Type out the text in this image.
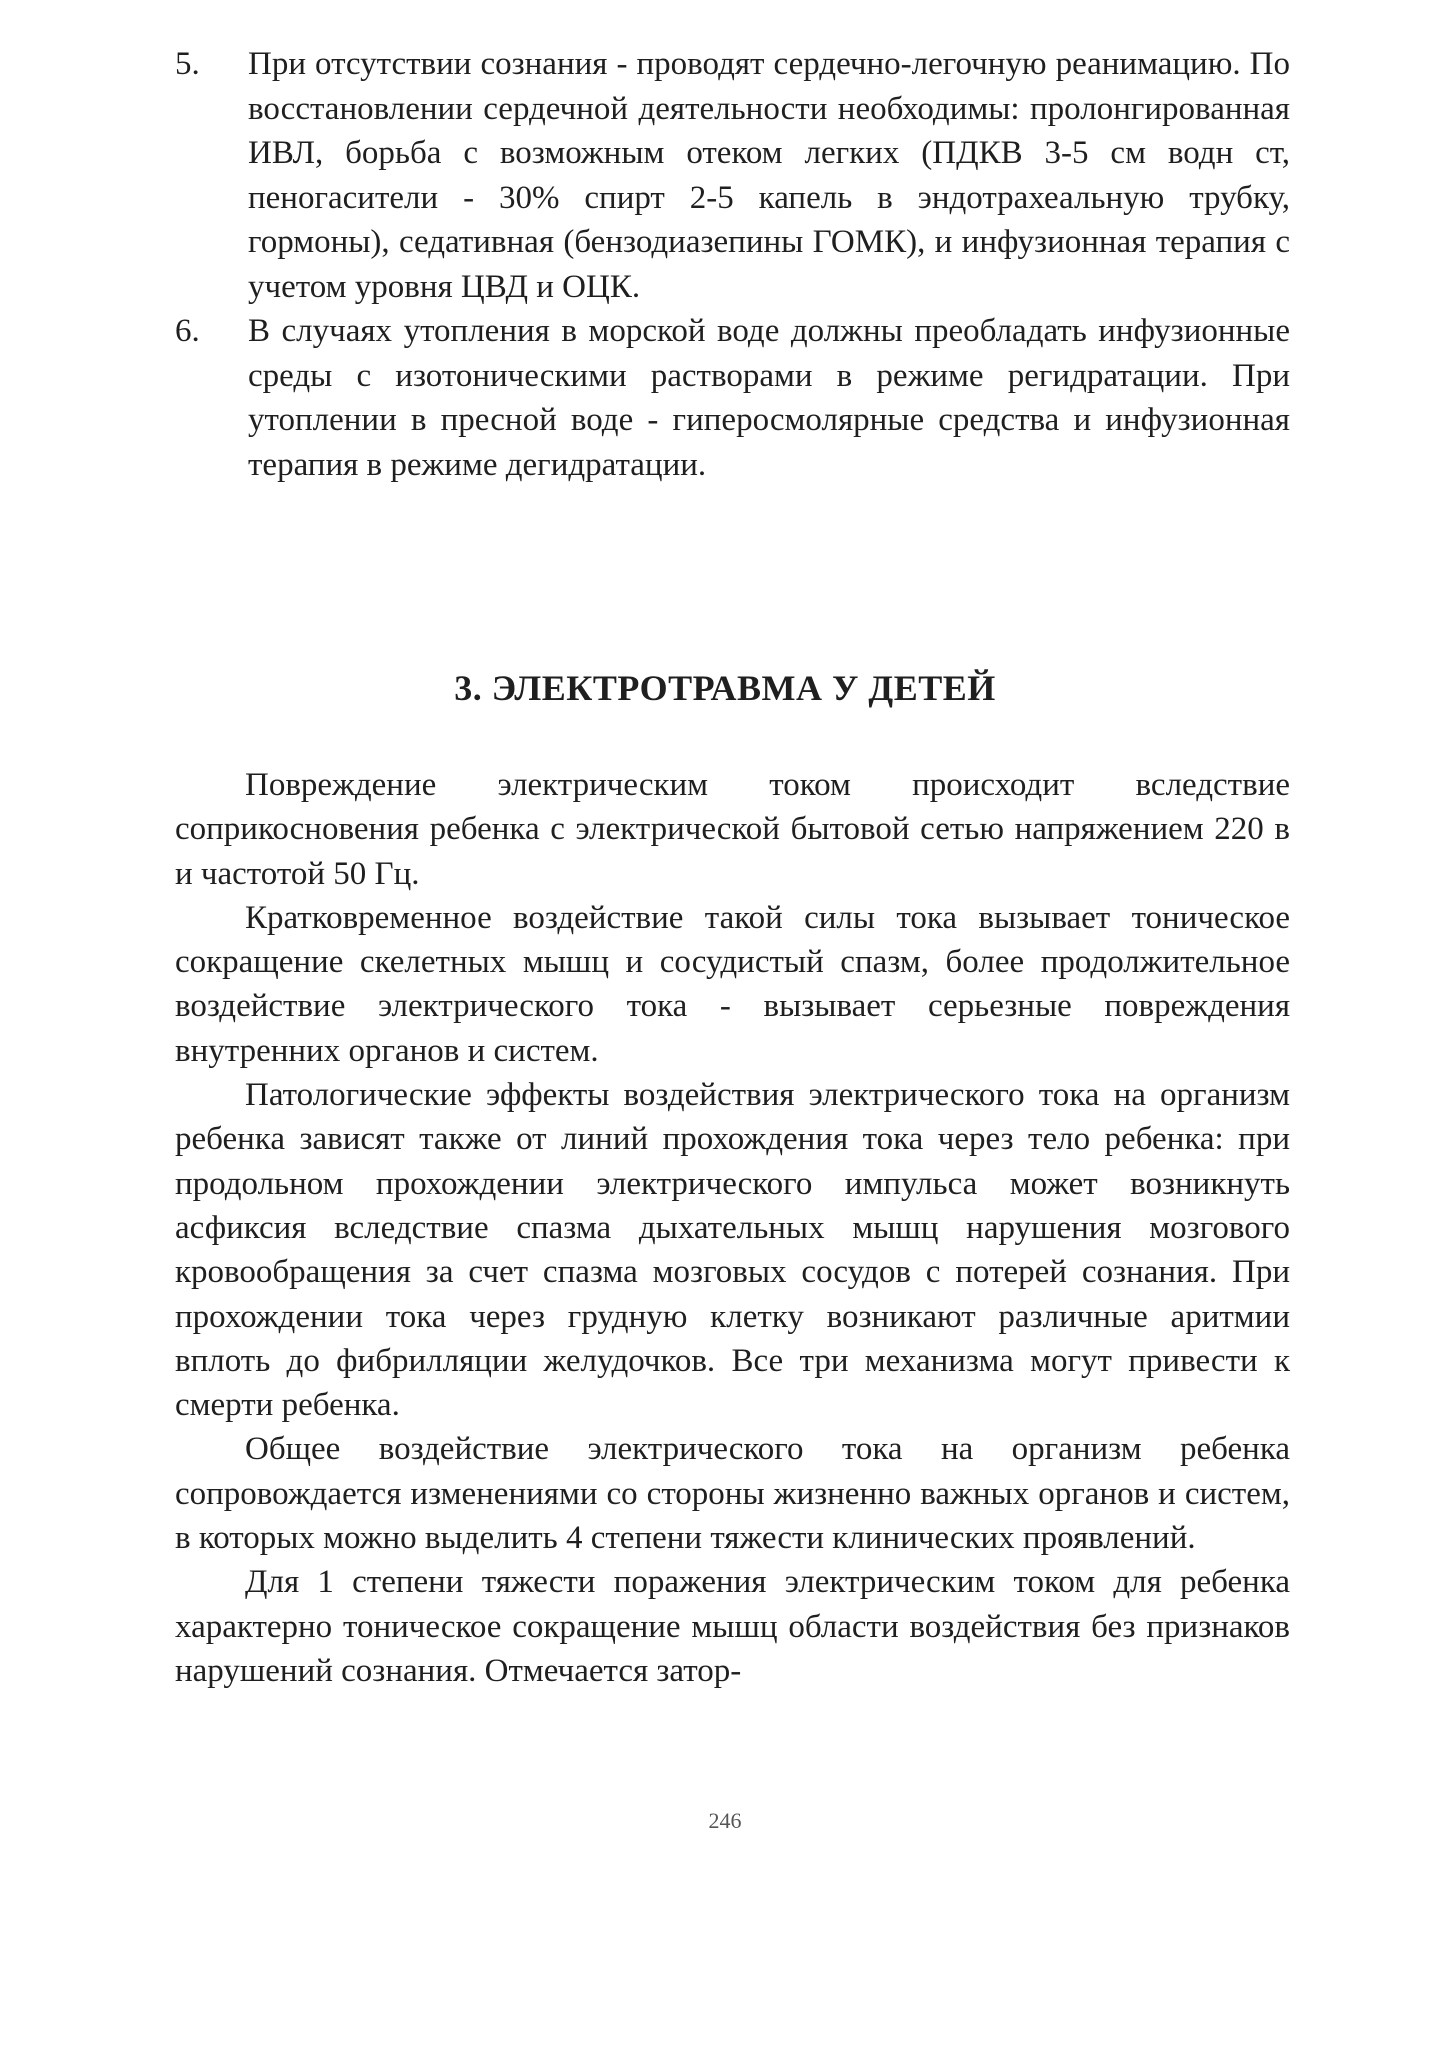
5.	При отсутствии сознания - проводят сердечно-легочную реанимацию. По восстановлении сердечной деятельности необходимы: пролонгированная ИВЛ, борьба с возможным отеком легких (ПДКВ 3-5 см водн ст, пеногасители - 30% спирт 2-5 капель в эндотрахеальную трубку, гормоны), седативная (бензодиазепины ГОМК), и инфузионная терапия с учетом уровня ЦВД и ОЦК.
6.	В случаях утопления в морской воде должны преобладать инфузионные среды с изотоническими растворами в режиме регидратации. При утоплении в пресной воде - гиперосмолярные средства и инфузионная терапия в режиме дегидратации.
3. ЭЛЕКТРОТРАВМА У ДЕТЕЙ

Повреждение электрическим током происходит вследствие соприкосновения ребенка с электрической бытовой сетью напряжением 220 в и частотой 50 Гц.

Кратковременное воздействие такой силы тока вызывает тоническое сокращение скелетных мышц и сосудистый спазм, более продолжительное воздействие электрического тока - вызывает серьезные повреждения внутренних органов и систем.

Патологические эффекты воздействия электрического тока на организм ребенка зависят также от линий прохождения тока через тело ребенка: при продольном прохождении электрического импульса может возникнуть асфиксия вследствие спазма дыхательных мышц нарушения мозгового кровообращения за счет спазма мозговых сосудов с потерей сознания. При прохождении тока через грудную клетку возникают различные аритмии вплоть до фибрилляции желудочков. Все три механизма могут привести к смерти ребенка.

Общее воздействие электрического тока на организм ребенка сопровождается изменениями со стороны жизненно важных органов и систем, в которых можно выделить 4 степени тяжести клинических проявлений.

Для 1 степени тяжести поражения электрическим током для ребенка характерно тоническое сокращение мышц области воздействия без признаков нарушений сознания. Отмечается затор-

246
